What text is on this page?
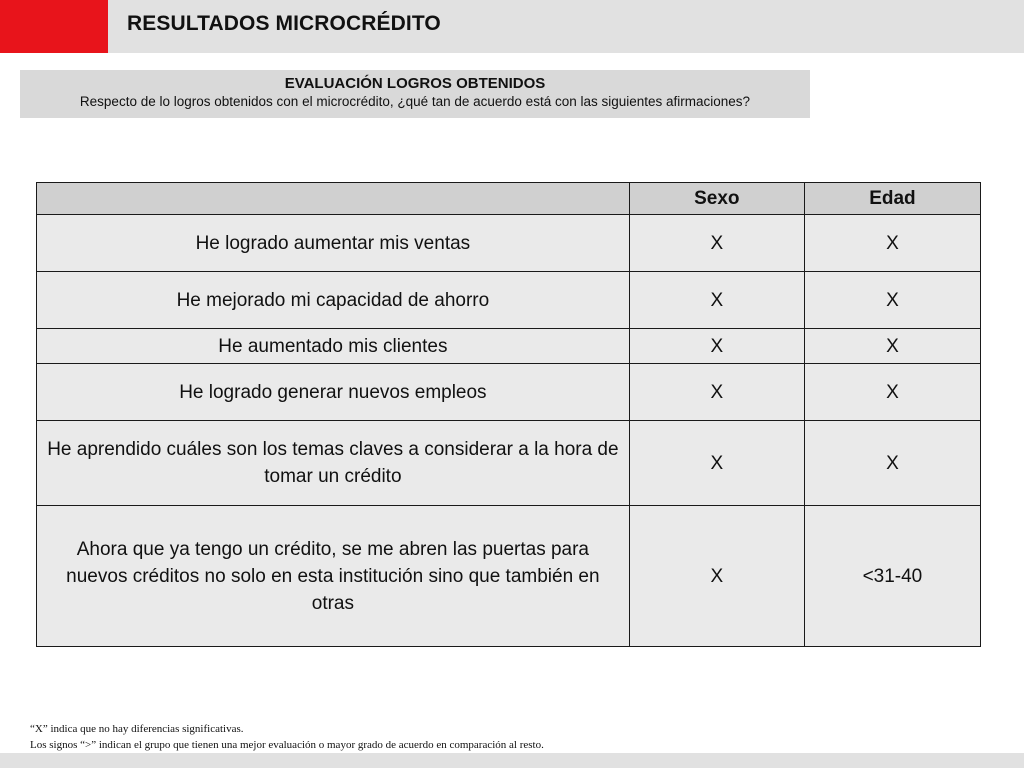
RESULTADOS MICROCRÉDITO
EVALUACIÓN LOGROS OBTENIDOS
Respecto de lo logros obtenidos con el microcrédito, ¿qué tan de acuerdo está con las siguientes afirmaciones?
	Sexo	Edad
He logrado aumentar mis ventas	X	X
He mejorado mi capacidad de ahorro	X	X
He aumentado mis clientes	X	X
He logrado generar nuevos empleos	X	X
He aprendido cuáles son los temas claves a considerar a la hora de tomar un crédito	X	X
Ahora que ya tengo un crédito, se me abren las puertas para nuevos créditos no solo en esta institución sino que también en otras	X	<31-40
“X” indica que no hay diferencias significativas.
Los signos “>” indican el grupo que tienen una mejor evaluación o mayor grado de acuerdo en comparación al resto.
